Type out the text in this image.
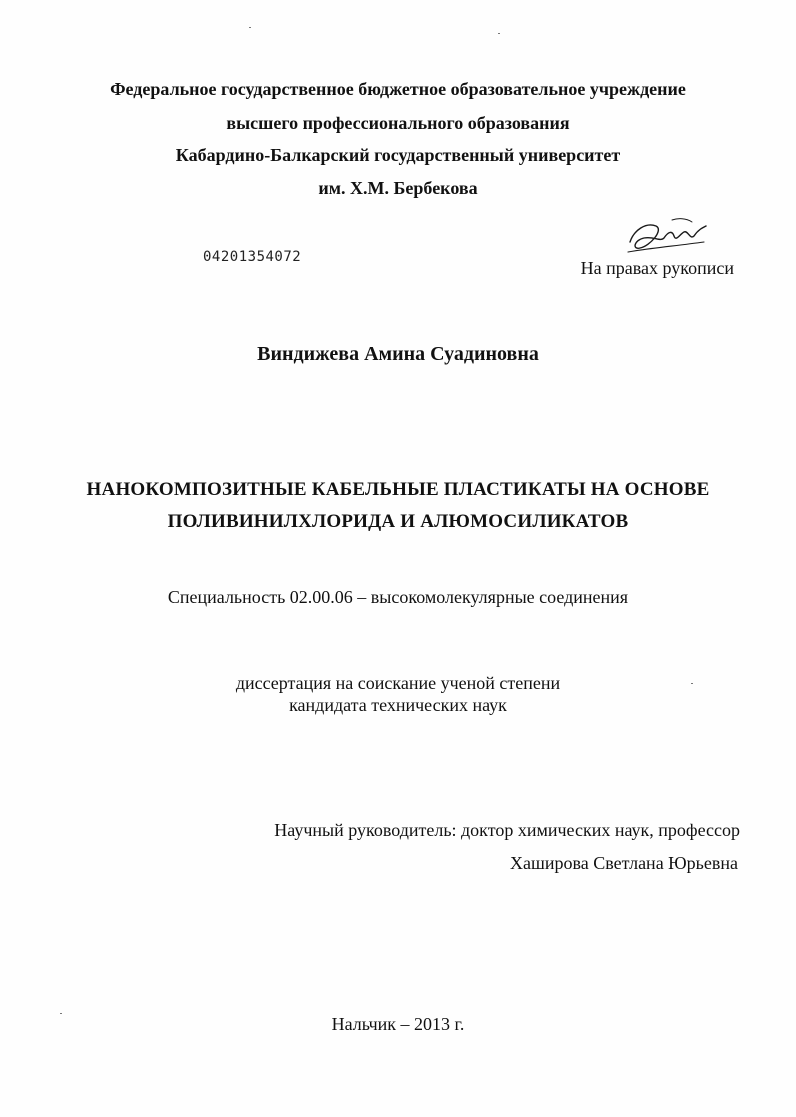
Федеральное государственное бюджетное образовательное учреждение
высшего профессионального образования
Кабардино-Балкарский государственный университет
им. Х.М. Бербекова
04201354072
На правах рукописи
Виндижева Амина Суадиновна
НАНОКОМПОЗИТНЫЕ КАБЕЛЬНЫЕ ПЛАСТИКАТЫ НА ОСНОВЕ
ПОЛИВИНИЛХЛОРИДА И АЛЮМОСИЛИКАТОВ
Специальность 02.00.06 – высокомолекулярные соединения
диссертация на соискание ученой степени
кандидата технических наук
Научный руководитель: доктор химических наук, профессор
Хаширова Светлана Юрьевна
Нальчик – 2013 г.
